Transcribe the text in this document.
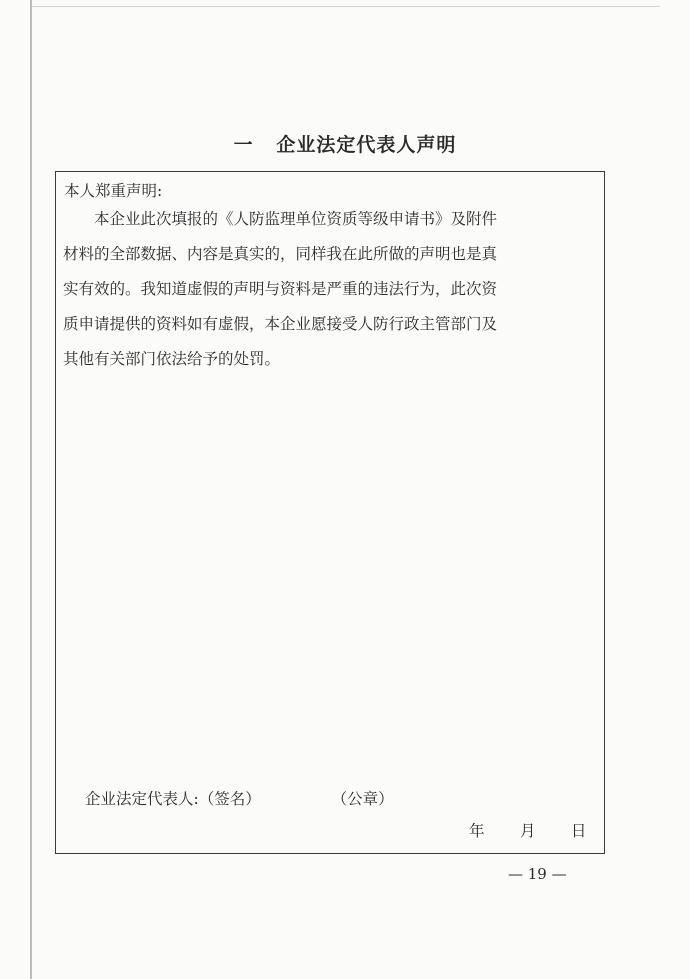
一   企业法定代表人声明
本人郑重声明:
本企业此次填报的《人防监理单位资质等级申请书》及附件
材料的全部数据、内容是真实的，同样我在此所做的声明也是真
实有效的。我知道虚假的声明与资料是严重的违法行为，此次资
质申请提供的资料如有虚假，本企业愿接受人防行政主管部门及
其他有关部门依法给予的处罚。
企业法定代表人:（签名）	（公章）
年 月 日
— 19 —
